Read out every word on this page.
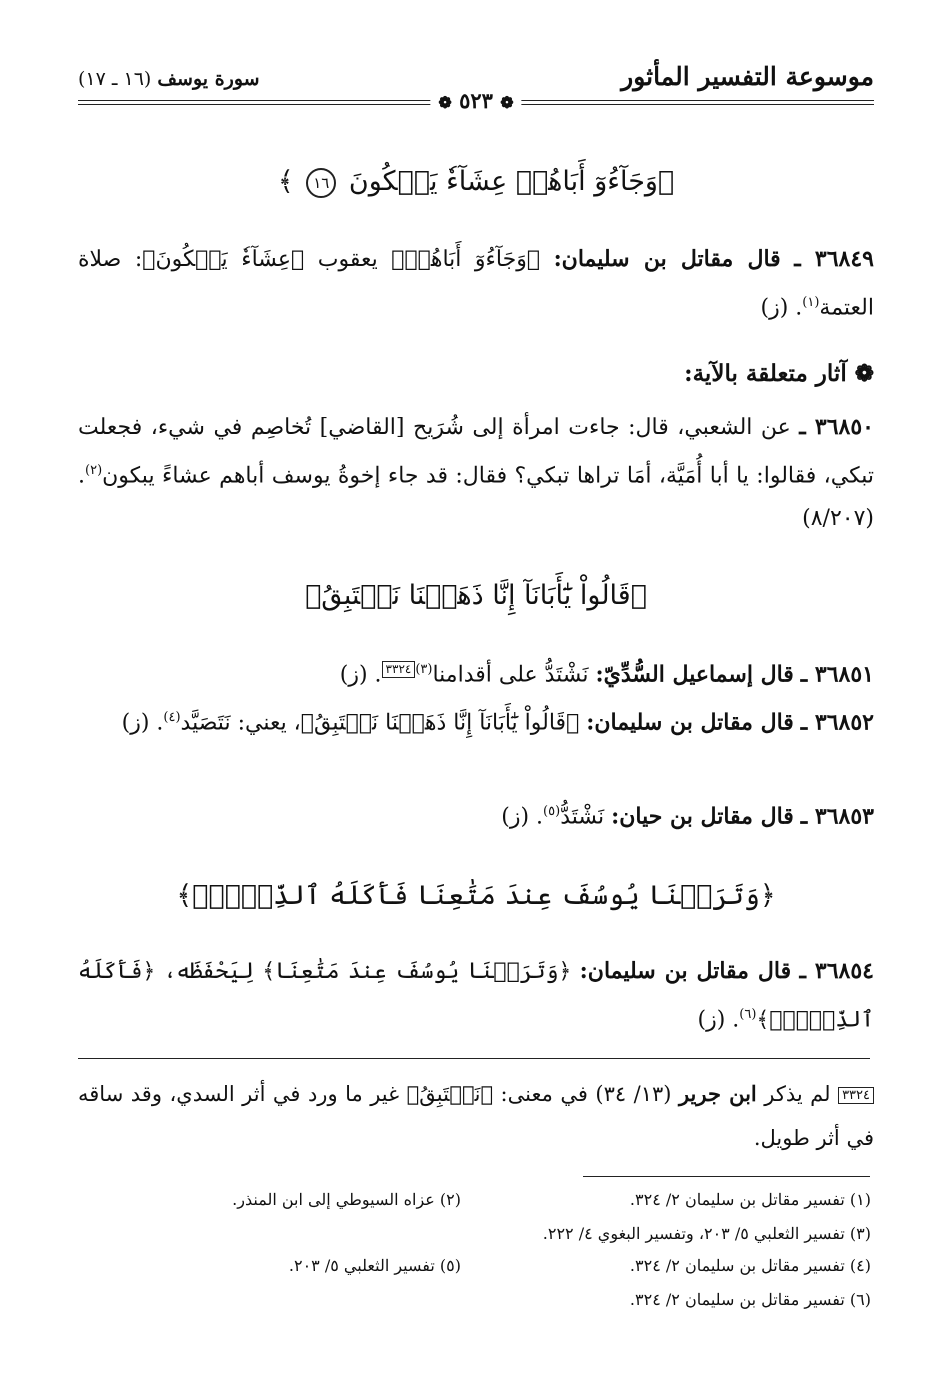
موسوعة التفسير المأثور
سورة يوسف (١٦ ـ ١٧)
❁ ٥٢٣ ❁
﴿وَجَآءُوٓ أَبَاهُمۡ عِشَآءٗ يَبۡكُونَ ١٦ ﴾
٣٦٨٤٩ ـ قال مقاتل بن سليمان: ﴿وَجَآءُوٓ أَبَاهُمۡ﴾ يعقوب ﴿عِشَآءٗ يَبۡكُونَ﴾: صلاة العتمة$^{(١)}$. (ز)
❁ آثار متعلقة بالآية:
٣٦٨٥٠ ـ عن الشعبي، قال: جاءت امرأة إلى شُرَيح [القاضي] تُخاصِم في شيء، فجعلت تبكي، فقالوا: يا أبا أُمَيَّة، أمَا تراها تبكي؟ فقال: قد جاء إخوةُ يوسف أباهم عشاءً يبكون$^{(٢)}$. (٨/٢٠٧)
﴿قَالُواْ يَٰٓأَبَانَآ إِنَّا ذَهَبۡنَا نَسۡتَبِقُ﴾
٣٦٨٥١ ـ قال إسماعيل السُّدِّيّ: نَشْتَدُّ على أقدامنا$^{(٣)}$٣٣٢٤. (ز)
٣٦٨٥٢ ـ قال مقاتل بن سليمان: ﴿قَالُواْ يَٰٓأَبَانَآ إِنَّا ذَهَبۡنَا نَسۡتَبِقُ﴾، يعني: نَتَصَيَّد$^{(٤)}$. (ز)
٣٦٨٥٣ ـ قال مقاتل بن حيان: نَشْتَدُّ$^{(٥)}$. (ز)
﴿وَتَرَكۡنَا يُوسُفَ عِندَ مَتَٰعِنَا فَأَكَلَهُ ٱلذِّئۡبُۖ﴾
٣٦٨٥٤ ـ قال مقاتل بن سليمان: ﴿وَتَرَكۡنَا يُوسُفَ عِندَ مَتَٰعِنَا﴾ لِيَحْفَظَه، ﴿فَأَكَلَهُ ٱلذِّئۡبُۖ﴾$^{(٦)}$. (ز)
٣٣٢٤ لم يذكر ابن جرير (١٣/ ٣٤) في معنى: ﴿نَسۡتَبِقُ﴾ غير ما ورد في أثر السدي، وقد ساقه في أثر طويل.
(١) تفسير مقاتل بن سليمان ٢/ ٣٢٤.
(٢) عزاه السيوطي إلى ابن المنذر.
(٣) تفسير الثعلبي ٥/ ٢٠٣، وتفسير البغوي ٤/ ٢٢٢.
(٤) تفسير مقاتل بن سليمان ٢/ ٣٢٤.
(٥) تفسير الثعلبي ٥/ ٢٠٣.
(٦) تفسير مقاتل بن سليمان ٢/ ٣٢٤.
